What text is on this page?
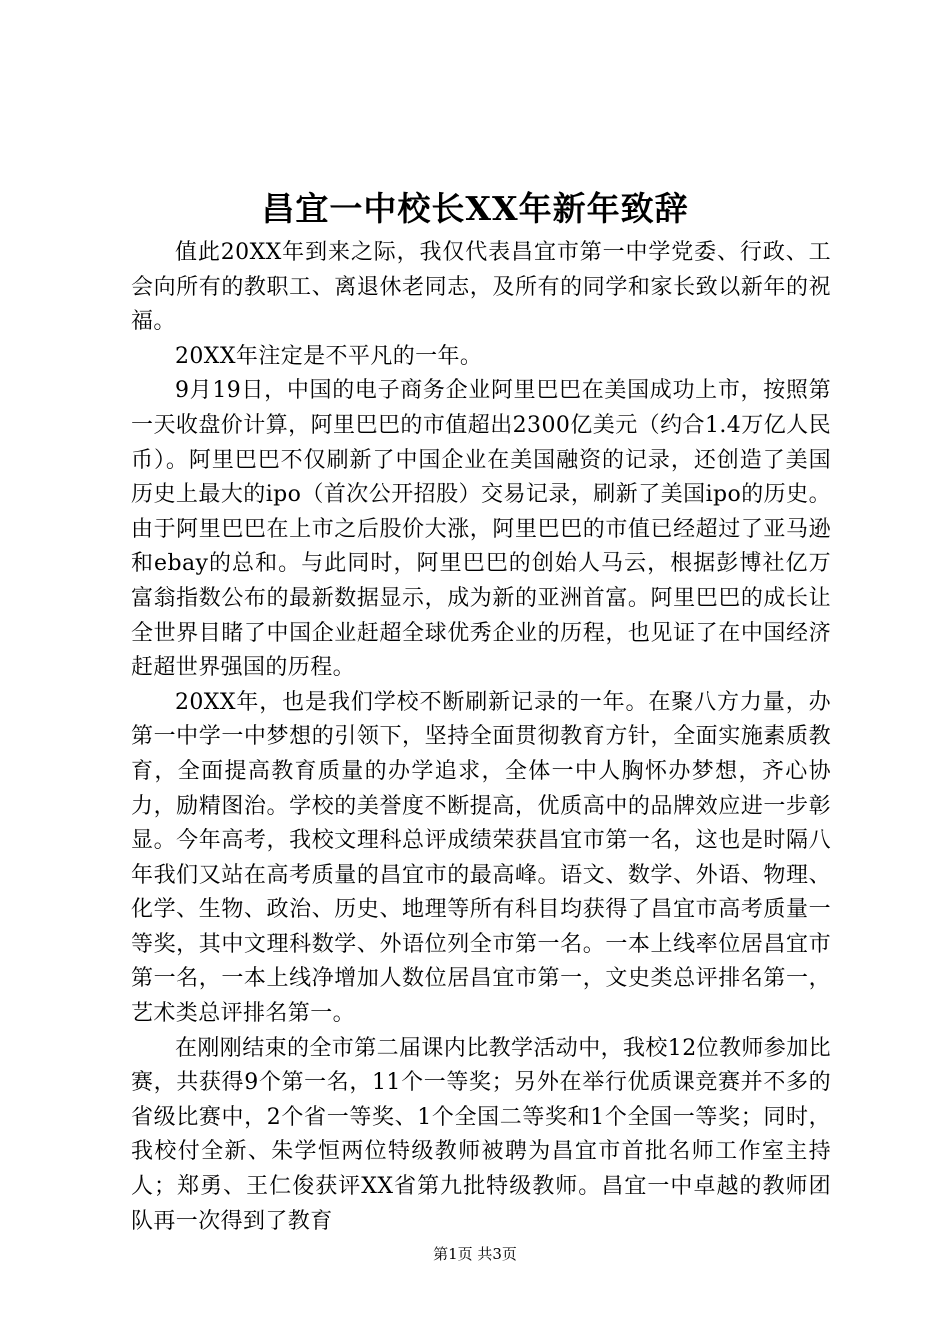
昌宜一中校长XX年新年致辞

值此20XX年到来之际，我仅代表昌宜市第一中学党委、行政、工会向所有的教职工、离退休老同志，及所有的同学和家长致以新年的祝福。

20XX年注定是不平凡的一年。

9月19日，中国的电子商务企业阿里巴巴在美国成功上市，按照第一天收盘价计算，阿里巴巴的市值超出2300亿美元（约合1.4万亿人民币）。阿里巴巴不仅刷新了中国企业在美国融资的记录，还创造了美国历史上最大的ipo（首次公开招股）交易记录，刷新了美国ipo的历史。由于阿里巴巴在上市之后股价大涨，阿里巴巴的市值已经超过了亚马逊和ebay的总和。与此同时，阿里巴巴的创始人马云，根据彭博社亿万富翁指数公布的最新数据显示，成为新的亚洲首富。阿里巴巴的成长让全世界目睹了中国企业赶超全球优秀企业的历程，也见证了在中国经济赶超世界强国的历程。

20XX年，也是我们学校不断刷新记录的一年。在聚八方力量，办第一中学一中梦想的引领下，坚持全面贯彻教育方针，全面实施素质教育，全面提高教育质量的办学追求，全体一中人胸怀办梦想，齐心协力，励精图治。学校的美誉度不断提高，优质高中的品牌效应进一步彰显。今年高考，我校文理科总评成绩荣获昌宜市第一名，这也是时隔八年我们又站在高考质量的昌宜市的最高峰。语文、数学、外语、物理、化学、生物、政治、历史、地理等所有科目均获得了昌宜市高考质量一等奖，其中文理科数学、外语位列全市第一名。一本上线率位居昌宜市第一名，一本上线净增加人数位居昌宜市第一，文史类总评排名第一，艺术类总评排名第一。

在刚刚结束的全市第二届课内比教学活动中，我校12位教师参加比赛，共获得9个第一名，11个一等奖；另外在举行优质课竞赛并不多的省级比赛中，2个省一等奖、1个全国二等奖和1个全国一等奖；同时，我校付全新、朱学恒两位特级教师被聘为昌宜市首批名师工作室主持人；郑勇、王仁俊获评XX省第九批特级教师。昌宜一中卓越的教师团队再一次得到了教育

第1页 共3页
